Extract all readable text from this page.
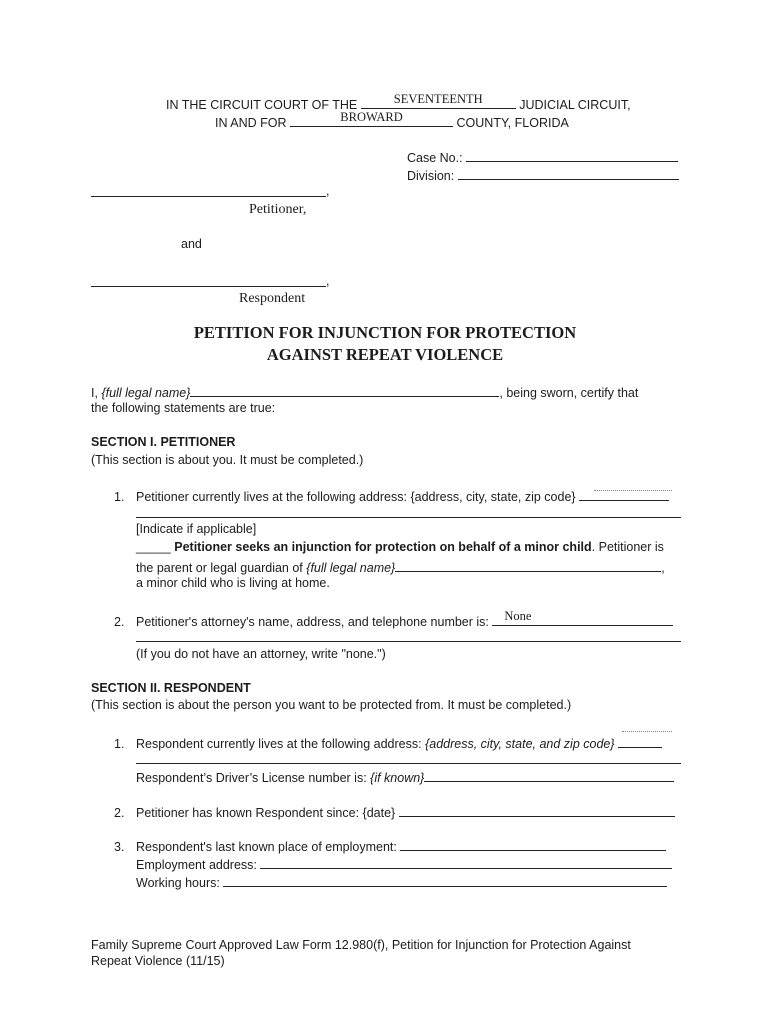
IN THE CIRCUIT COURT OF THE	SEVENTEENTH	JUDICIAL CIRCUIT,
IN AND FOR	BROWARD	COUNTY, FLORIDA
Case No.:
Division:
,
Petitioner,
and
,
Respondent
PETITION FOR INJUNCTION FOR PROTECTION
AGAINST REPEAT VIOLENCE
I, {full legal name}	, being sworn, certify that
the following statements are true:
SECTION I. PETITIONER
(This section is about you. It must be completed.)
1. Petitioner currently lives at the following address: {address, city, state, zip code}
[Indicate if applicable]
_____ Petitioner seeks an injunction for protection on behalf of a minor child. Petitioner is
the parent or legal guardian of {full legal name}	,
a minor child who is living at home.
2. Petitioner's attorney's name, address, and telephone number is: None
(If you do not have an attorney, write "none.")
SECTION II. RESPONDENT
(This section is about the person you want to be protected from. It must be completed.)
1. Respondent currently lives at the following address: {address, city, state, and zip code}
Respondent’s Driver’s License number is: {if known}
2. Petitioner has known Respondent since: {date}
3. Respondent's last known place of employment:
Employment address:
Working hours:
Family Supreme Court Approved Law Form 12.980(f), Petition for Injunction for Protection Against
Repeat Violence (11/15)
